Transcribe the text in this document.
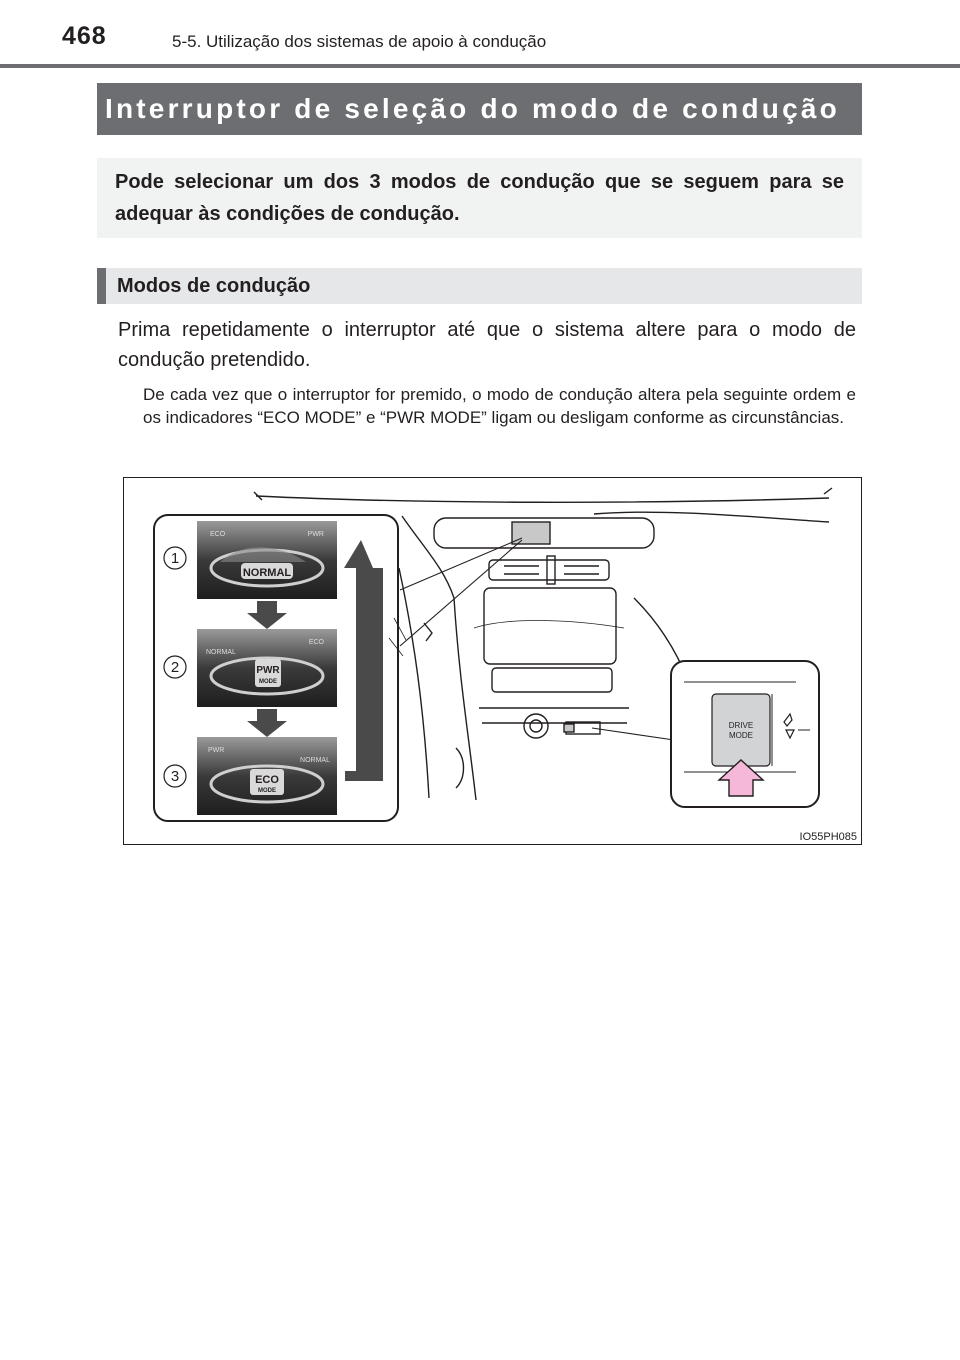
468	5-5. Utilização dos sistemas de apoio à condução
Interruptor de seleção do modo de condução
Pode selecionar um dos 3 modos de condução que se seguem para se adequar às condições de condução.
Modos de condução
Prima repetidamente o interruptor até que o sistema altere para o modo de condução pretendido.
De cada vez que o interruptor for premido, o modo de condução altera pela seguinte ordem e os indicadores “ECO MODE” e “PWR MODE” ligam ou desligam conforme as circunstâncias.
NORMAL
ECO	PWR
PWR
MODE
NORMAL
ECO
ECO
MODE
PWR
NORMAL
1
2
3
DRIVE
MODE
IO55PH085
